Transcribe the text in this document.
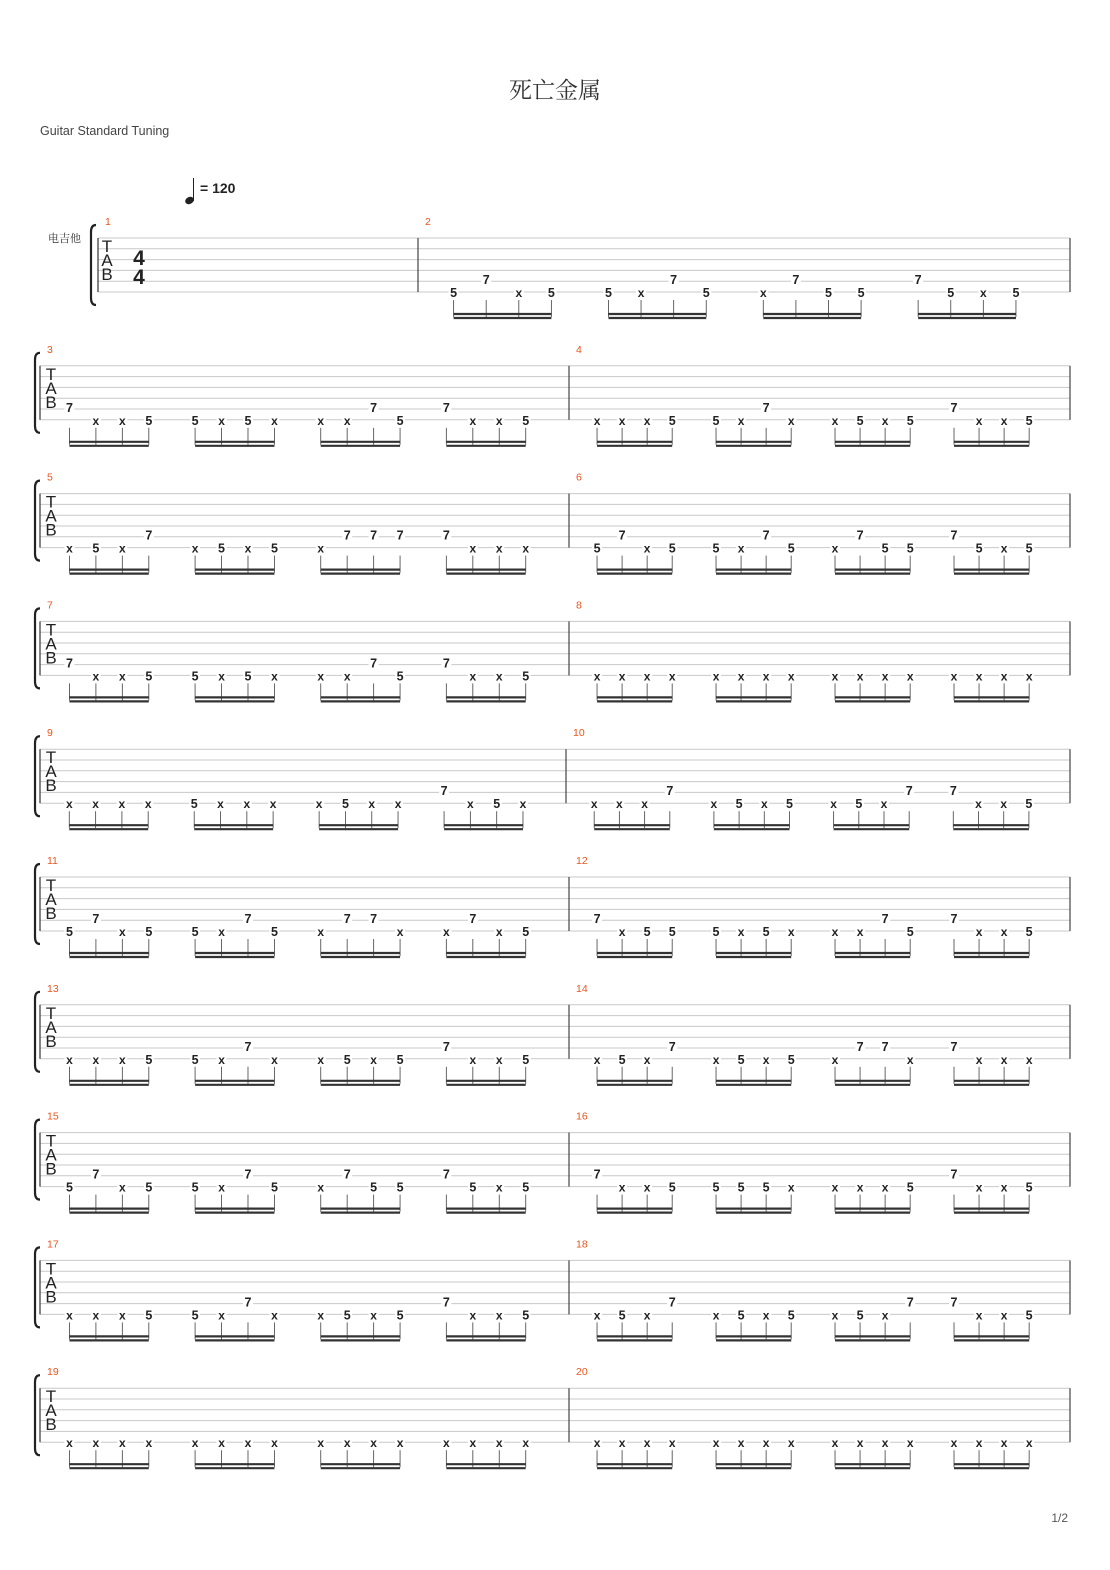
死亡金属
Guitar Standard Tuning
= 120
电吉他 T
A
B
4
4
1	2
5
7
x 5	5 x
7
5	x
7
5 5
7
5 x 5
T
A
B
3
7
x x 5	5 x 5 x	x x
7
5
7
x x 5
4
x x x 5	5 x
7
x	x 5 x 5
7
x x 5
T
A
B
5
x 5 x
7
x 5 x 5	x
7 7 7	7
x x x
6
5
7
x 5	5 x
7
5	x
7
5 5
7
5 x 5
T
A
B
7
7
x x 5	5 x 5 x	x x
7
5
7
x x 5
8
x x x x	x x x x	x x x x	x x x x
T
A
B
9
x x x x	5 x x x	x 5 x x
7
x 5 x
10
x x x
7
x 5 x 5	x 5 x
7	7
x x 5
T
A
B
11
5
7
x 5	5 x
7
5	x
7 7
x	x
7
x 5
12
7
x 5 5	5 x 5 x	x x
7
5
7
x x 5
T
A
B
13
x x x 5	5 x
7
x	x 5 x 5
7
x x 5
14
x 5 x
7
x 5 x 5	x
7 7
x
7
x x x
T
A
B
15
5
7
x 5	5 x
7
5	x
7
5 5
7
5 x 5
16
7
x x 5	5 5 5 x	x x x 5
7
x x 5
T
A
B
17
x x x 5	5 x
7
x	x 5 x 5
7
x x 5
18
x 5 x
7
x 5 x 5	x 5 x
7	7
x x 5
T
A
B
19
x x x x	x x x x	x x x x	x x x x
20
x x x x	x x x x	x x x x	x x x x
1/2
